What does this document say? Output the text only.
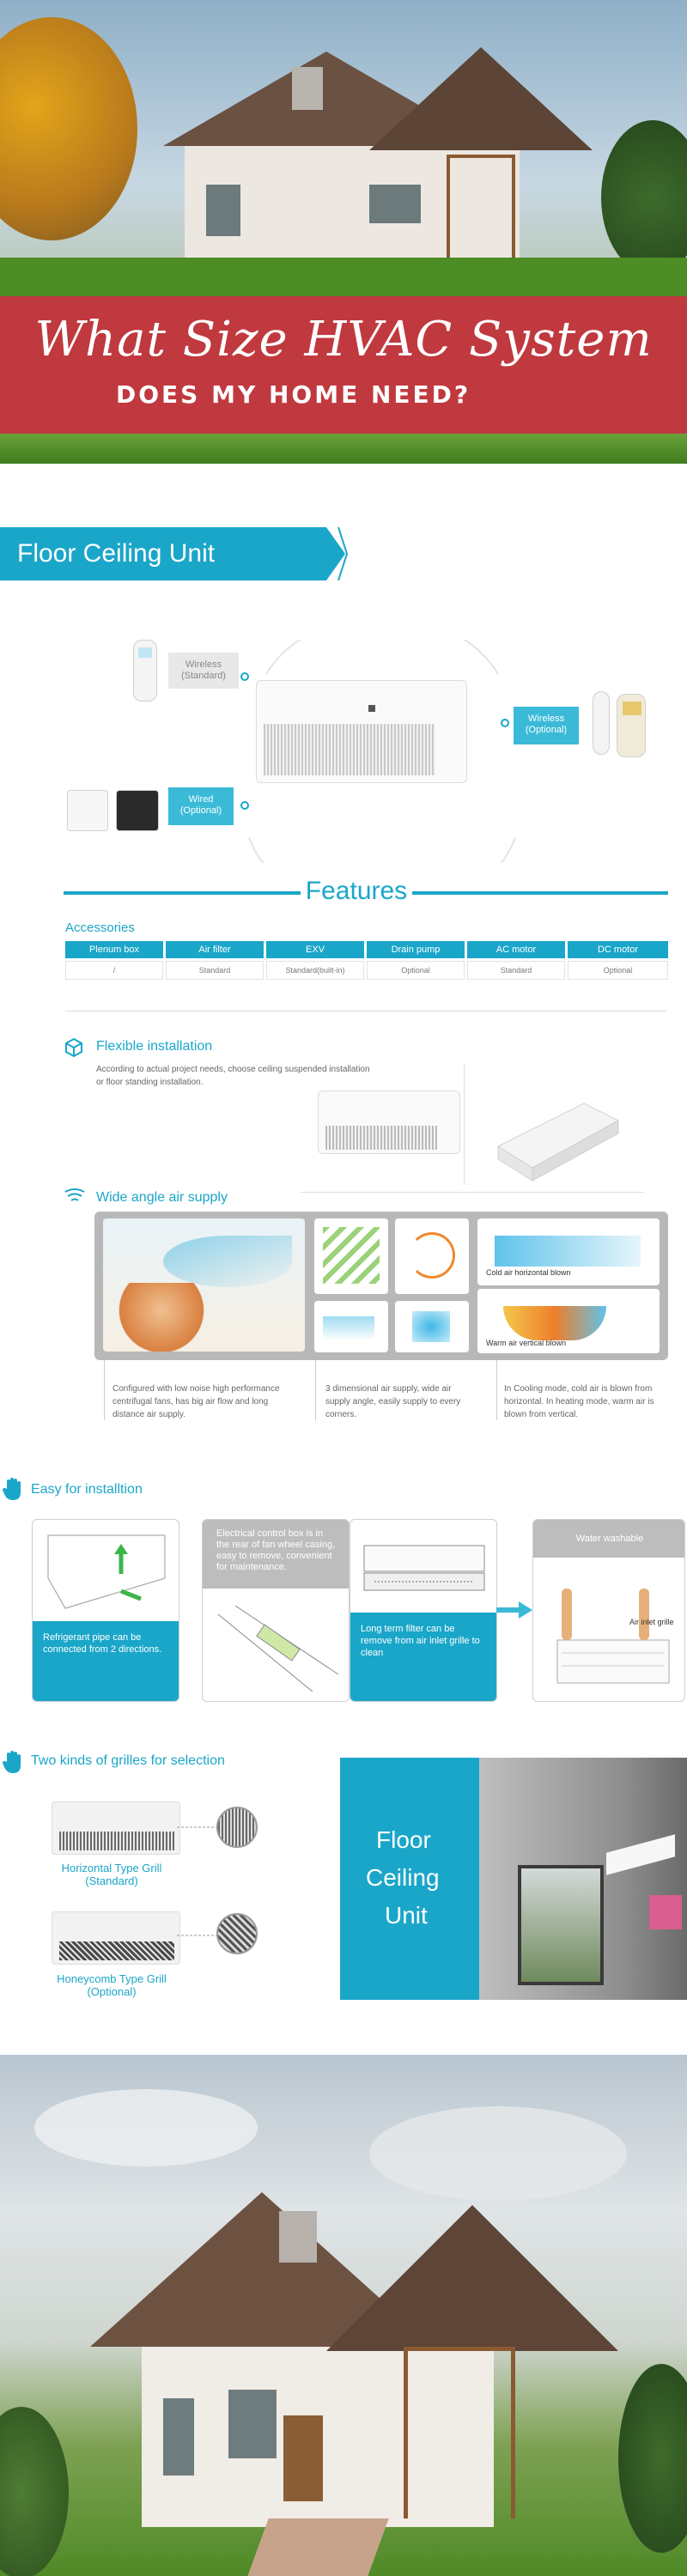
What Size HVAC System
DOES MY HOME NEED?
Floor Ceiling Unit
Wireless
(Standard)
Wireless
(Optional)
Wired
(Optional)
Features
Accessories
Plenum box	Air filter	EXV	Drain pump	AC motor	DC motor
/	Standard	Standard(built-in)	Optional	Standard	Optional
Flexible installation
According to actual project needs, choose ceiling suspended installation
or floor standing installation.
Wide angle air supply
Cold air horizontal blown
Warm air vertical blown
Configured with low noise high performance
centrifugal fans, has big air flow and long
distance air supply.
3 dimensional air supply, wide air
supply angle, easily supply to every
corners.
In Cooling mode, cold air is blown from
horizontal. In heating mode, warm air is
blown from vertical.
Easy for installtion
Refrigerant pipe can be connected from 2 directions.
Electrical control box is in the rear of fan wheel casing, easy to remove, convenient for maintenance.
Long term filter can be remove from air inlet grille to clean
Water washable
Air inlet grille
Two kinds of grilles for selection
Horizontal Type Grill
(Standard)
Honeycomb Type Grill
(Optional)
Floor
Ceiling
Unit
